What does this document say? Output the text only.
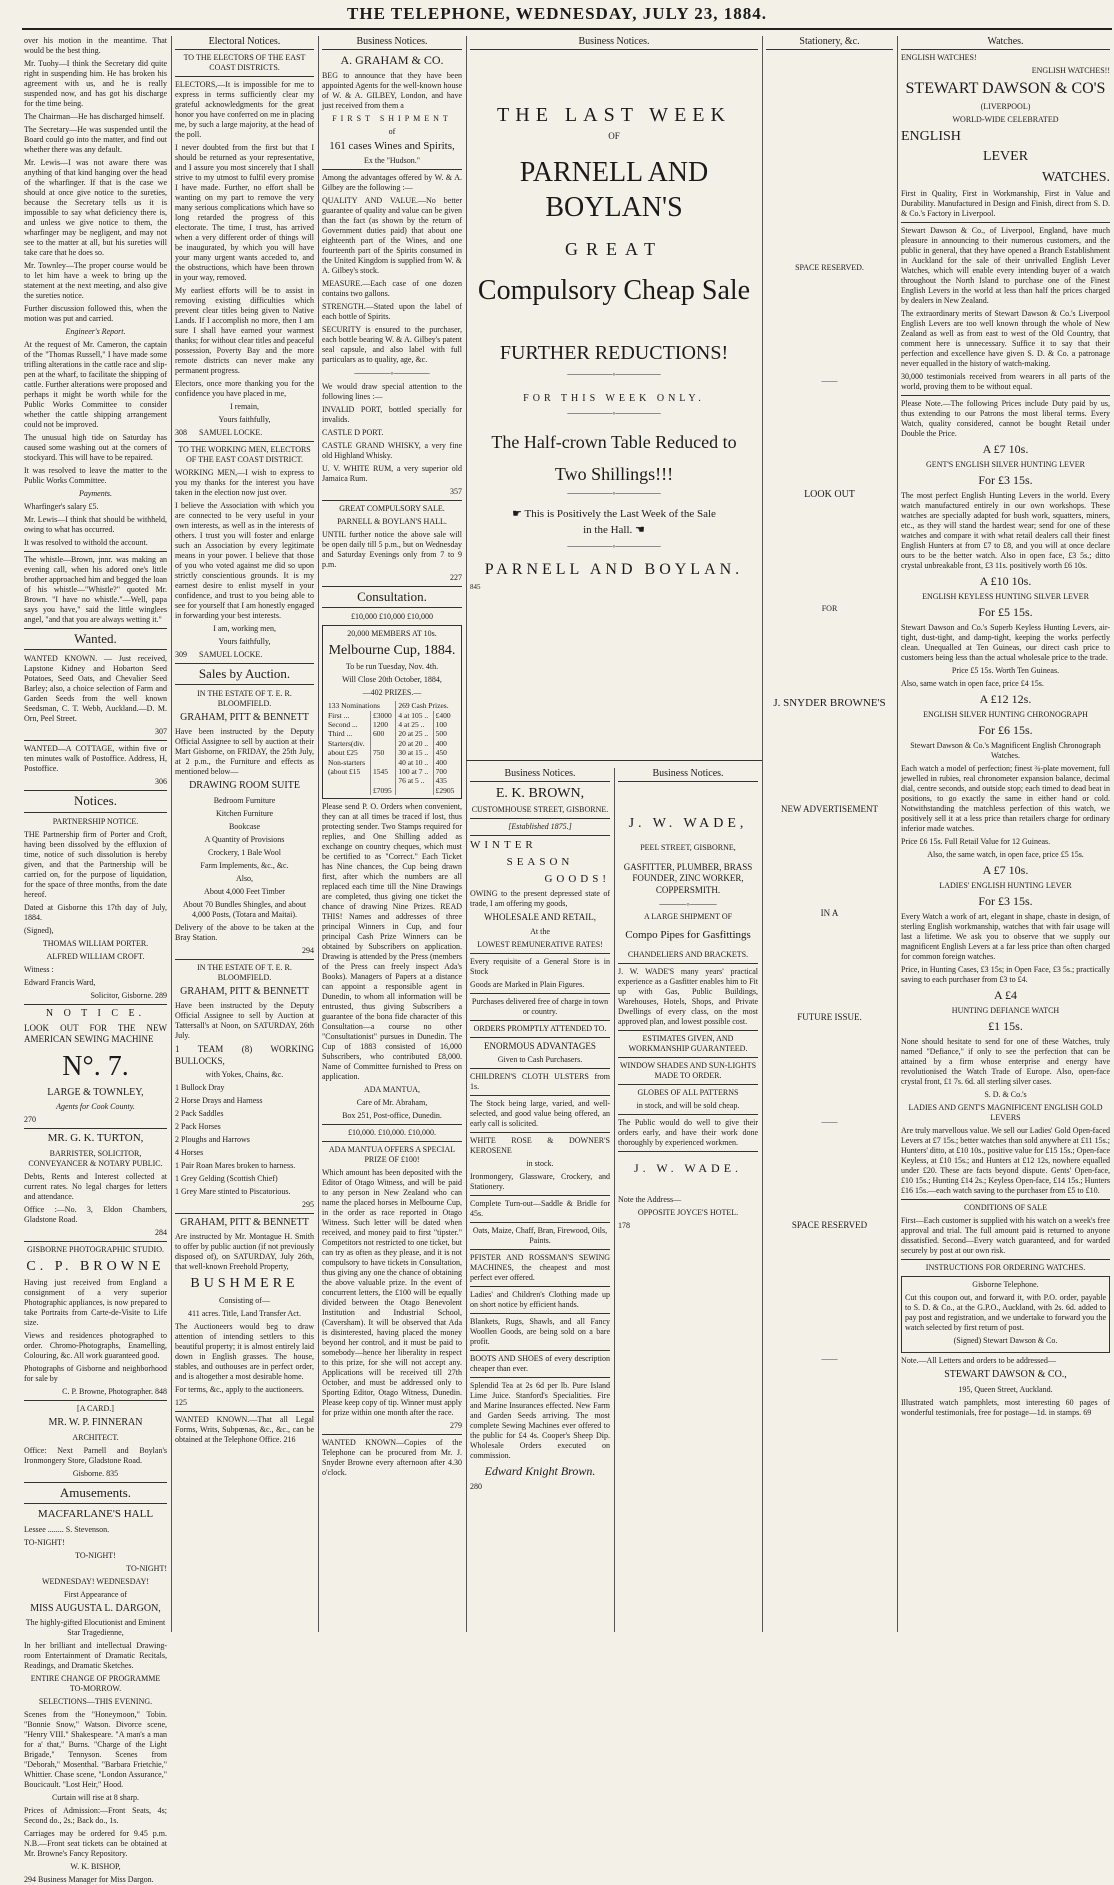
THE TELEPHONE, WEDNESDAY, JULY 23, 1884.

over his motion in the meantime. That would be the best thing.

Mr. Tuohy—I think the Secretary did quite right in suspending him. He has broken his agreement with us, and he is really suspended now, and has got his discharge for the time being.

The Chairman—He has discharged himself.

The Secretary—He was suspended until the Board could go into the matter, and find out whether there was any default.

Mr. Lewis—I was not aware there was anything of that kind hanging over the head of the wharfinger. If that is the case we should at once give notice to the sureties, because the Secretary tells us it is impossible to say what deficiency there is, and unless we give notice to them, the wharfinger may be negligent, and may not see to the matter at all, but his sureties will take care that he does so.

Mr. Townley—The proper course would be to let him have a week to bring up the statement at the next meeting, and also give the sureties notice.

Further discussion followed this, when the motion was put and carried.

Engineer's Report.

At the request of Mr. Cameron, the captain of the "Thomas Russell," I have made some trifling alterations in the cattle race and slip-pen at the wharf, to facilitate the shipping of cattle. Further alterations were proposed and perhaps it might be worth while for the Public Works Committee to consider whether the cattle shipping arrangement could not be improved.

The unusual high tide on Saturday has caused some washing out at the corners of stockyard. This will have to be repaired.

It was resolved to leave the matter to the Public Works Committee.

Payments.

Wharfinger's salary £5.

Mr. Lewis—I think that should be withheld, owing to what has occurred.

It was resolved to withold the account.

The whistle—Brown, jnnr. was making an evening call, when his adored one's little brother approached him and begged the loan of his whistle—"Whistle?" quoted Mr. Brown. "I have no whistle."—Well, papa says you have," said the little winglees angel, "and that you are always wetting it."

Wanted.

WANTED KNOWN. — Just received, Lapstone Kidney and Hobarton Seed Potatoes, Seed Oats, and Chevalier Seed Barley; also, a choice selection of Farm and Garden Seeds from the well known Seedsman, C. T. Webb, Auckland.—D. M. Orn, Peel Street.

307

WANTED—A COTTAGE, within five or ten minutes walk of Postoffice. Address, H, Postoffice.

306

Notices.

PARTNERSHIP NOTICE.

THE Partnership firm of Porter and Croft, having been dissolved by the effluxion of time, notice of such dissolution is hereby given, and that the Partnership will be carried on, for the purpose of liquidation, for the space of three months, from the date hereof.

Dated at Gisborne this 17th day of July, 1884.

(Signed),

THOMAS WILLIAM PORTER.

ALFRED WILLIAM CROFT.

Witness :

Edward Francis Ward,

Solicitor, Gisborne. 289

N O T I C E.

LOOK OUT FOR THE NEW AMERICAN SEWING MACHINE

N°. 7.

LARGE & TOWNLEY,

Agents for Cook County.

270

MR. G. K. TURTON,

BARRISTER, SOLICITOR, CONVEYANCER & NOTARY PUBLIC.

Debts, Rents and Interest collected at current rates. No legal charges for letters and attendance.

Office :—No. 3, Eldon Chambers, Gladstone Road.

284

GISBORNE PHOTOGRAPHIC STUDIO.

C. P. BROWNE

Having just received from England a consignment of a very superior Photographic appliances, is now prepared to take Portraits from Carte-de-Visite to Life size.

Views and residences photographed to order. Chromo-Photographs, Enamelling, Colouring, &c. All work guaranteed good.

Photographs of Gisborne and neighborhood for sale by

C. P. Browne, Photographer. 848

[A CARD.]

MR. W. P. FINNERAN

ARCHITECT.

Office: Next Parnell and Boylan's Ironmongery Store, Gladstone Road.

Gisborne. 835

Amusements.

MACFARLANE'S HALL

Lessee ........ S. Stevenson.

TO-NIGHT!

TO-NIGHT!

TO-NIGHT!

WEDNESDAY! WEDNESDAY!

First Appearance of

MISS AUGUSTA L. DARGON,

The highly-gifted Elocutionist and Eminent Star Tragedienne,

In her brilliant and intellectual Drawing-room Entertainment of Dramatic Recitals, Readings, and Dramatic Sketches.

ENTIRE CHANGE OF PROGRAMME TO-MORROW.

SELECTIONS—THIS EVENING.

Scenes from the "Honeymoon," Tobin. "Bonnie Snow," Watson. Divorce scene, "Henry VIII." Shakespeare. "A man's a man for a' that," Burns. "Charge of the Light Brigade," Tennyson. Scenes from "Deborah," Mosenthal. "Barbara Frietchie," Whittier. Chase scene, "London Assurance," Boucicault. "Lost Heir," Hood.

Curtain will rise at 8 sharp.

Prices of Admission:—Front Seats, 4s; Second do., 2s.; Back do., 1s.

Carriages may be ordered for 9.45 p.m. N.B.—Front seat tickets can be obtained at Mr. Browne's Fancy Repository.

W. K. BISHOP,

294 Business Manager for Miss Dargon.

Electoral Notices.

TO THE ELECTORS OF THE EAST COAST DISTRICTS.

ELECTORS,—It is impossible for me to express in terms sufficiently clear my grateful acknowledgments for the great honor you have conferred on me in placing me, by such a large majority, at the head of the poll.

I never doubted from the first but that I should be returned as your representative, and I assure you most sincerely that I shall strive to my utmost to fulfil every promise I have made. Further, no effort shall be wanting on my part to remove the very many serious complications which have so long retarded the progress of this electorate. The time, I trust, has arrived when a very different order of things will be inaugurated, by which you will have your many urgent wants acceded to, and the obstructions, which have been thrown in your way, removed.

My earliest efforts will be to assist in removing existing difficulties which prevent clear titles being given to Native Lands. If I accomplish no more, then I am sure I shall have earned your warmest thanks; for without clear titles and peaceful possession, Poverty Bay and the more remote districts can never make any permanent progress.

Electors, once more thanking you for the confidence you have placed in me,

I remain,

Yours faithfully,

308 SAMUEL LOCKE.

TO THE WORKING MEN, ELECTORS OF THE EAST COAST DISTRICT.

WORKING MEN,—I wish to express to you my thanks for the interest you have taken in the election now just over.

I believe the Association with which you are connected to be very useful in your own interests, as well as in the interests of others. I trust you will foster and enlarge such an Association by every legitimate means in your power. I believe that those of you who voted against me did so upon strictly conscientious grounds. It is my earnest desire to enlist myself in your confidence, and trust to you being able to see for yourself that I am honestly engaged in forwarding your best interests.

I am, working men,

Yours faithfully,

309 SAMUEL LOCKE.

Sales by Auction.

IN THE ESTATE OF T. E. R. BLOOMFIELD.

GRAHAM, PITT & BENNETT

Have been instructed by the Deputy Official Assignee to sell by auction at their Mart Gisborne, on FRIDAY, the 25th July, at 2 p.m., the Furniture and effects as mentioned below—

DRAWING ROOM SUITE

Bedroom Furniture

Kitchen Furniture

Bookcase

A Quantity of Provisions

Crockery, 1 Bale Wool

Farm Implements, &c., &c.

Also,

About 4,000 Feet Timber

About 70 Bundles Shingles, and about 4,000 Posts, (Totara and Maitai).

Delivery of the above to be taken at the Bray Station.

294

IN THE ESTATE OF T. E. R. BLOOMFIELD.

GRAHAM, PITT & BENNETT

Have been instructed by the Deputy Official Assignee to sell by Auction at Tattersall's at Noon, on SATURDAY, 26th July.

1 TEAM (8) WORKING BULLOCKS,

with Yokes, Chains, &c.

1 Bullock Dray

2 Horse Drays and Harness

2 Pack Saddles

2 Pack Horses

2 Ploughs and Harrows

4 Horses

1 Pair Roan Mares broken to harness.

1 Grey Gelding (Scottish Chief)

1 Grey Mare stinted to Piscatorious.

295

GRAHAM, PITT & BENNETT

Are instructed by Mr. Montague H. Smith to offer by public auction (if not previously disposed of), on SATURDAY, July 26th, that well-known Freehold Property,

BUSHMERE

Consisting of—

411 acres. Title, Land Transfer Act.

The Auctioneers would beg to draw attention of intending settlers to this beautiful property; it is almost entirely laid down in English grasses. The house, stables, and outhouses are in perfect order, and is altogether a most desirable home.

For terms, &c., apply to the auctioneers.

125

WANTED KNOWN.—That all Legal Forms, Writs, Subpœnas, &c., &c., can be obtained at the Telephone Office. 216

Business Notices.

A. GRAHAM & CO.

BEG to announce that they have been appointed Agents for the well-known house of W. & A. GILBEY, London, and have just received from them a

FIRST SHIPMENT

of

161 cases Wines and Spirits,

Ex the "Hudson."

Among the advantages offered by W. & A. Gilbey are the following :—

QUALITY AND VALUE.—No better guarantee of quality and value can be given than the fact (as shown by the return of Government duties paid) that about one eighteenth part of the Wines, and one fourteenth part of the Spirits consumed in the United Kingdom is supplied from W. & A. Gilbey's stock.

MEASURE.—Each case of one dozen contains two gallons.

STRENGTH.—Stated upon the label of each bottle of Spirits.

SECURITY is ensured to the purchaser, each bottle bearing W. & A. Gilbey's patent seal capsule, and also label with full particulars as to quality, age, &c.

————◦————

We would draw special attention to the following lines :—

INVALID PORT, bottled specially for invalids.

CASTLE D PORT.

CASTLE GRAND WHISKY, a very fine old Highland Whisky.

U. V. WHITE RUM, a very superior old Jamaica Rum.

357

GREAT COMPULSORY SALE.

PARNELL & BOYLAN'S HALL.

UNTIL further notice the above sale will be open daily till 5 p.m., but on Wednesday and Saturday Evenings only from 7 to 9 p.m.

227

Consultation.

£10,000 £10,000 £10,000

20,000 MEMBERS AT 10s.

Melbourne Cup, 1884.

To be run Tuesday, Nov. 4th.

Will Close 20th October, 1884,

—402 PRIZES.—

133 Nominations		269 Cash Prizes.	
First ...	£3000	4 at 105 ..	£400
Second ...	1200	4 at 25 ..	100
Third ...	600	20 at 25 ..	500
Starters(div.		20 at 20 ..	400
about £25	750	30 at 15 ..	450
Non-starters		40 at 10 ..	400
(about £15	1545	100 at 7 ..	700
		76 at 5 ..	435
	£7095		£2905

Please send P. O. Orders when convenient, they can at all times be traced if lost, thus protecting sender. Two Stamps required for replies, and One Shilling added as exchange on country cheques, which must be certified to as "Correct." Each Ticket has Nine chances, the Cup being drawn first, after which the numbers are all replaced each time till the Nine Drawings are completed, thus giving one ticket the chance of drawing Nine Prizes. READ THIS! Names and addresses of three principal Winners in Cup, and four principal Cash Prize Winners can be obtained by Subscribers on application. Drawing is attended by the Press (members of the Press can freely inspect Ada's Books). Managers of Papers at a distance can appoint a responsible agent in Dunedin, to whom all information will be entrusted, thus giving Subscribers a guarantee of the bona fide character of this Consultation—a course no other "Consultationist" pursues in Dunedin. The Cup of 1883 consisted of 16,000 Subscribers, who contributed £8,000. Name of Committee furnished to Press on application.

ADA MANTUA,

Care of Mr. Abraham,

Box 251, Post-office, Dunedin.

£10,000. £10,000. £10,000.

ADA MANTUA OFFERS A SPECIAL PRIZE OF £100!

Which amount has been deposited with the Editor of Otago Witness, and will be paid to any person in New Zealand who can name the placed horses in Melbourne Cup, in the order as race reported in Otago Witness. Such letter will be dated when received, and money paid to first "tipster." Competitors not restricted to one ticket, but can try as often as they please, and it is not compulsory to have tickets in Consultation, thus giving any one the chance of obtaining the above valuable prize. In the event of concurrent letters, the £100 will be equally divided between the Otago Benevolent Institution and Industrial School, (Caversham). It will be observed that Ada is disinterested, having placed the money beyond her control, and it must be paid to somebody—hence her liberality in respect to this prize, for she will not accept any. Applications will be received till 27th October, and must be addressed only to Sporting Editor, Otago Witness, Dunedin. Please keep copy of tip. Winner must apply for prize within one month after the race.

279

WANTED KNOWN—Copies of the Telephone can be procured from Mr. J. Snyder Browne every afternoon after 4.30 o'clock.

Business Notices.

THE LAST WEEK

OF

PARNELL AND BOYLAN'S

GREAT

Compulsory Cheap Sale

FURTHER REDUCTIONS!

—————◦—————

FOR THIS WEEK ONLY.

—————◦—————

The Half-crown Table Reduced to

Two Shillings!!!

—————◦—————

☛ This is Positively the Last Week of the Sale

in the Hall. ☚

—————◦—————

PARNELL AND BOYLAN.

845

Business Notices.

E. K. BROWN,

CUSTOMHOUSE STREET, GISBORNE.

[Established 1875.]

WINTER

SEASON

GOODS!

OWING to the present depressed state of trade, I am offering my goods,

WHOLESALE AND RETAIL,

At the

LOWEST REMUNERATIVE RATES!

Every requisite of a General Store is in Stock

Goods are Marked in Plain Figures.

Purchases delivered free of charge in town or country.

ORDERS PROMPTLY ATTENDED TO.

ENORMOUS ADVANTAGES

Given to Cash Purchasers.

CHILDREN'S CLOTH ULSTERS from 1s.

The Stock being large, varied, and well-selected, and good value being offered, an early call is solicited.

WHITE ROSE & DOWNER'S KEROSENE

in stock.

Ironmongery, Glassware, Crockery, and Stationery.

Complete Turn-out—Saddle & Bridle for 45s.

Oats, Maize, Chaff, Bran, Firewood, Oils, Paints.

PFISTER AND ROSSMAN'S SEWING MACHINES, the cheapest and most perfect ever offered.

Ladies' and Children's Clothing made up on short notice by efficient hands.

Blankets, Rugs, Shawls, and all Fancy Woollen Goods, are being sold on a bare profit.

BOOTS AND SHOES of every description cheaper than ever.

Splendid Tea at 2s 6d per lb. Pure Island Lime Juice. Stanford's Specialities. Fire and Marine Insurances effected. New Farm and Garden Seeds arriving. The most complete Sewing Machines ever offered to the public for £4 4s. Cooper's Sheep Dip. Wholesale Orders executed on commission.

Edward Knight Brown.

280

Business Notices.

J. W. WADE,

PEEL STREET, GISBORNE,

GASFITTER, PLUMBER, BRASS FOUNDER, ZINC WORKER, COPPERSMITH.

———◦———

A LARGE SHIPMENT OF

Compo Pipes for Gasfittings

CHANDELIERS AND BRACKETS.

J. W. WADE'S many years' practical experience as a Gasfitter enables him to Fit up with Gas, Public Buildings, Warehouses, Hotels, Shops, and Private Dwellings of every class, on the most approved plan, and lowest possible cost.

ESTIMATES GIVEN, AND WORKMANSHIP GUARANTEED.

WINDOW SHADES AND SUN-LIGHTS MADE TO ORDER.

GLOBES OF ALL PATTERNS

in stock, and will be sold cheap.

The Public would do well to give their orders early, and have their work done thoroughly by experienced workmen.

J. W. WADE.

Note the Address—

OPPOSITE JOYCE'S HOTEL.

178

Stationery, &c.

SPACE RESERVED.

——

LOOK OUT

FOR

J. SNYDER BROWNE'S

NEW ADVERTISEMENT

IN A

FUTURE ISSUE.

——

SPACE RESERVED

——

Watches.

ENGLISH WATCHES!

ENGLISH WATCHES!!

STEWART DAWSON & CO'S

(LIVERPOOL)

WORLD-WIDE CELEBRATED

ENGLISH

LEVER

WATCHES.

First in Quality, First in Workmanship, First in Value and Durability. Manufactured in Design and Finish, direct from S. D. & Co.'s Factory in Liverpool.

Stewart Dawson & Co., of Liverpool, England, have much pleasure in announcing to their numerous customers, and the public in general, that they have opened a Branch Establishment in Auckland for the sale of their unrivalled English Lever Watches, which will enable every intending buyer of a watch throughout the North Island to purchase one of the Finest English Levers in the world at less than half the prices charged by dealers in New Zealand.

The extraordinary merits of Stewart Dawson & Co.'s Liverpool English Levers are too well known through the whole of New Zealand as well as from east to west of the Old Country, that comment here is unnecessary. Suffice it to say that their perfection and excellence have given S. D. & Co. a patronage never equalled in the history of watch-making.

30,000 testimonials received from wearers in all parts of the world, proving them to be without equal.

Please Note.—The following Prices include Duty paid by us, thus extending to our Patrons the most liberal terms. Every Watch, quality considered, cannot be bought Retail under Double the Price.

A £7 10s.

GENT'S ENGLISH SILVER HUNTING LEVER

For £3 15s.

The most perfect English Hunting Levers in the world. Every watch manufactured entirely in our own workshops. These watches are specially adapted for bush work, squatters, miners, etc., as they will stand the hardest wear; send for one of these watches and compare it with what retail dealers call their finest English Hunters at from £7 to £8, and you will at once declare ours to be the better watch. Also in open face, £3 5s.; ditto crystal unbreakable front, £3 11s. positively worth £6 10s.

A £10 10s.

ENGLISH KEYLESS HUNTING SILVER LEVER

For £5 15s.

Stewart Dawson and Co.'s Superb Keyless Hunting Levers, air-tight, dust-tight, and damp-tight, keeping the works perfectly clean. Unequalled at Ten Guineas, our direct cash price to customers being less than the actual wholesale price to the trade.

Price £5 15s. Worth Ten Guineas.

Also, same watch in open face, price £4 15s.

A £12 12s.

ENGLISH SILVER HUNTING CHRONOGRAPH

For £6 15s.

Stewart Dawson & Co.'s Magnificent English Chronograph Watches.

Each watch a model of perfection; finest ¾-plate movement, full jewelled in rubies, real chronometer expansion balance, decimal dial, centre seconds, and outside stop; each timed to dead beat in positions, to go exactly the same in either hand or cold. Notwithstanding the matchless perfection of this watch, we positively sell it at a less price than retailers charge for ordinary inferior made watches.

Price £6 15s. Full Retail Value for 12 Guineas.

Also, the same watch, in open face, price £5 15s.

A £7 10s.

LADIES' ENGLISH HUNTING LEVER

For £3 15s.

Every Watch a work of art, elegant in shape, chaste in design, of sterling English workmanship, watches that with fair usage will last a lifetime. We ask you to observe that we supply our magnificent English Levers at a far less price than often charged for common foreign watches.

Price, in Hunting Cases, £3 15s; in Open Face, £3 5s.; practically saving to each purchaser from £3 to £4.

A £4

HUNTING DEFIANCE WATCH

£1 15s.

None should hesitate to send for one of these Watches, truly named "Defiance," if only to see the perfection that can be attained by a firm whose enterprise and energy have revolutionised the Watch Trade of Europe. Also, open-face crystal front, £1 7s. 6d. all sterling silver cases.

S. D. & Co.'s

LADIES AND GENT'S MAGNIFICENT ENGLISH GOLD LEVERS

Are truly marvellous value. We sell our Ladies' Gold Open-faced Levers at £7 15s.; better watches than sold anywhere at £11 15s.; Hunters' ditto, at £10 10s., positive value for £15 15s.; Open-face Keyless, at £10 15s.; and Hunters at £12 12s, nowhere equalled under £20. These are facts beyond dispute. Gents' Open-face, £10 15s.; Hunting £14 2s.; Keyless Open-face, £14 15s.; Hunters £16 15s.—each watch saving to the purchaser from £5 to £10.

CONDITIONS OF SALE

First—Each customer is supplied with his watch on a week's free approval and trial. The full amount paid is returned to anyone dissatisfied. Second—Every watch guaranteed, and for warded securely by post at our own risk.

INSTRUCTIONS FOR ORDERING WATCHES.

Gisborne Telephone.

Cut this coupon out, and forward it, with P.O. order, payable to S. D. & Co., at the G.P.O., Auckland, with 2s. 6d. added to pay post and registration, and we undertake to forward you the watch selected by first return of post.

(Signed) Stewart Dawson & Co.

Note.—All Letters and orders to be addressed—

STEWART DAWSON & CO.,

195, Queen Street, Auckland.

Illustrated watch pamphlets, most interesting 60 pages of wonderful testimonials, free for postage—1d. in stamps. 69
